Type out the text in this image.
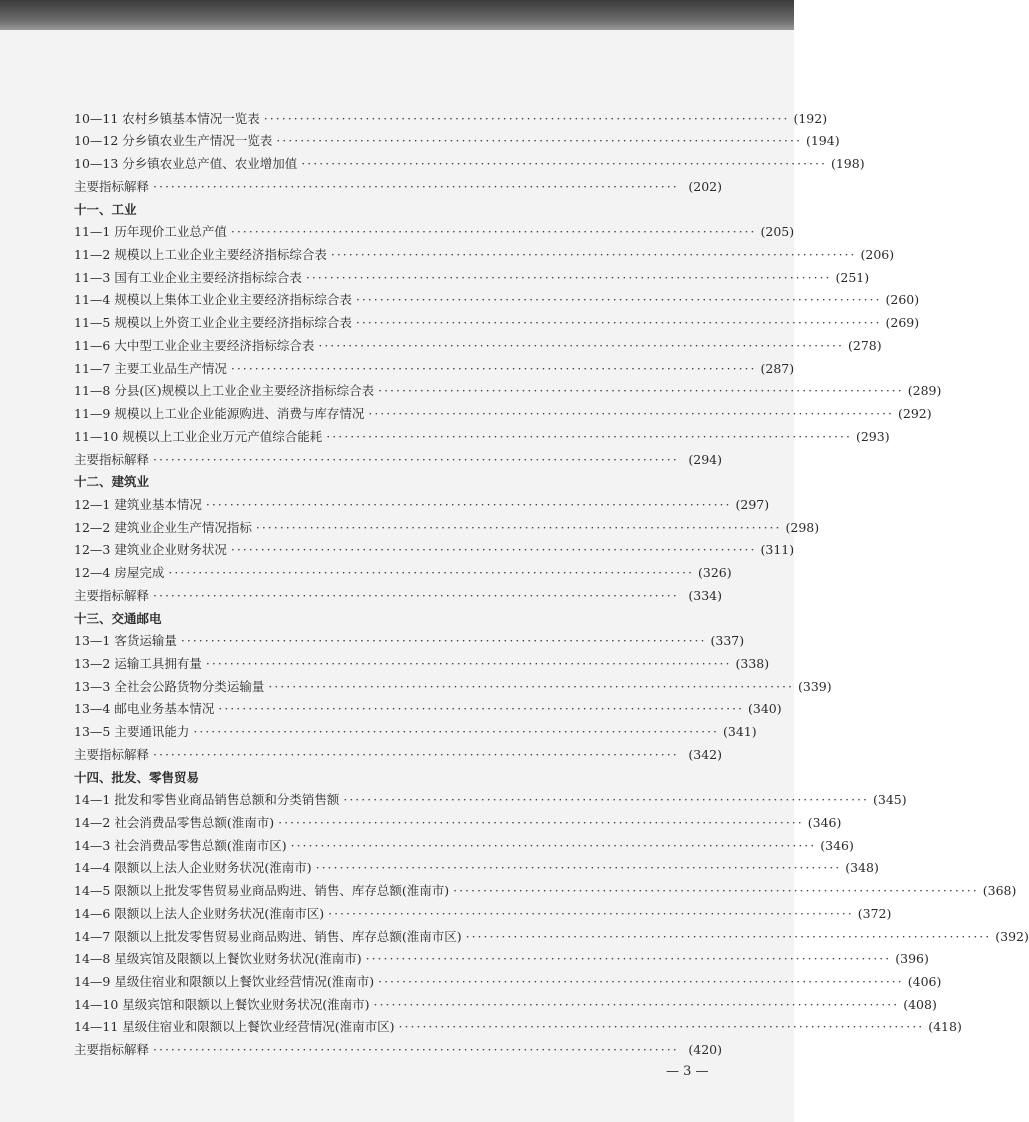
10—11 农村乡镇基本情况一览表 ························································································ (192)
10—12 分乡镇农业生产情况一览表 ························································································ (194)
10—13 分乡镇农业总产值、农业增加值 ························································································ (198)
主要指标解释 ························································································ (202)
十一、工业
11—1 历年现价工业总产值 ························································································ (205)
11—2 规模以上工业企业主要经济指标综合表 ························································································ (206)
11—3 国有工业企业主要经济指标综合表 ························································································ (251)
11—4 规模以上集体工业企业主要经济指标综合表 ························································································ (260)
11—5 规模以上外资工业企业主要经济指标综合表 ························································································ (269)
11—6 大中型工业企业主要经济指标综合表 ························································································ (278)
11—7 主要工业品生产情况 ························································································ (287)
11—8 分县(区)规模以上工业企业主要经济指标综合表 ························································································ (289)
11—9 规模以上工业企业能源购进、消费与库存情况 ························································································ (292)
11—10 规模以上工业企业万元产值综合能耗 ························································································ (293)
主要指标解释 ························································································ (294)
十二、建筑业
12—1 建筑业基本情况 ························································································ (297)
12—2 建筑业企业生产情况指标 ························································································ (298)
12—3 建筑业企业财务状况 ························································································ (311)
12—4 房屋完成 ························································································ (326)
主要指标解释 ························································································ (334)
十三、交通邮电
13—1 客货运输量 ························································································ (337)
13—2 运输工具拥有量 ························································································ (338)
13—3 全社会公路货物分类运输量 ························································································ (339)
13—4 邮电业务基本情况 ························································································ (340)
13—5 主要通讯能力 ························································································ (341)
主要指标解释 ························································································ (342)
十四、批发、零售贸易
14—1 批发和零售业商品销售总额和分类销售额 ························································································ (345)
14—2 社会消费品零售总额(淮南市) ························································································ (346)
14—3 社会消费品零售总额(淮南市区) ························································································ (346)
14—4 限额以上法人企业财务状况(淮南市) ························································································ (348)
14—5 限额以上批发零售贸易业商品购进、销售、库存总额(淮南市) ························································································ (368)
14—6 限额以上法人企业财务状况(淮南市区) ························································································ (372)
14—7 限额以上批发零售贸易业商品购进、销售、库存总额(淮南市区) ························································································ (392)
14—8 星级宾馆及限额以上餐饮业财务状况(淮南市) ························································································ (396)
14—9 星级住宿业和限额以上餐饮业经营情况(淮南市) ························································································ (406)
14—10 星级宾馆和限额以上餐饮业财务状况(淮南市) ························································································ (408)
14—11 星级住宿业和限额以上餐饮业经营情况(淮南市区) ························································································ (418)
主要指标解释 ························································································ (420)
— 3 —
